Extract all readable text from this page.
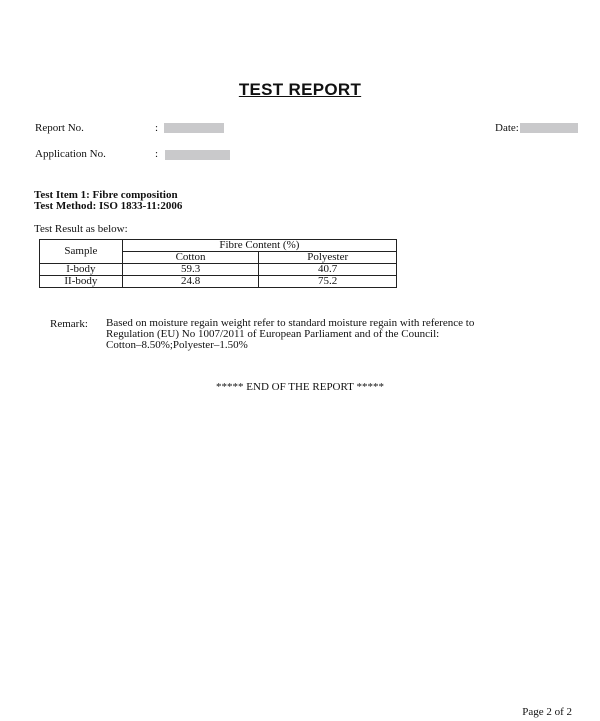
TEST REPORT
Report No.	:	Date:
Application No.	:
Test Item 1: Fibre composition
Test Method: ISO 1833-11:2006
Test Result as below:
Sample	Fibre Content (%)	
	Cotton	Polyester
I-body	59.3	40.7
II-body	24.8	75.2
Remark: Based on moisture regain weight refer to standard moisture regain with reference to
Regulation (EU) No 1007/2011 of European Parliament and of the Council:
Cotton–8.50%;Polyester–1.50%
***** END OF THE REPORT *****
Page 2 of 2
